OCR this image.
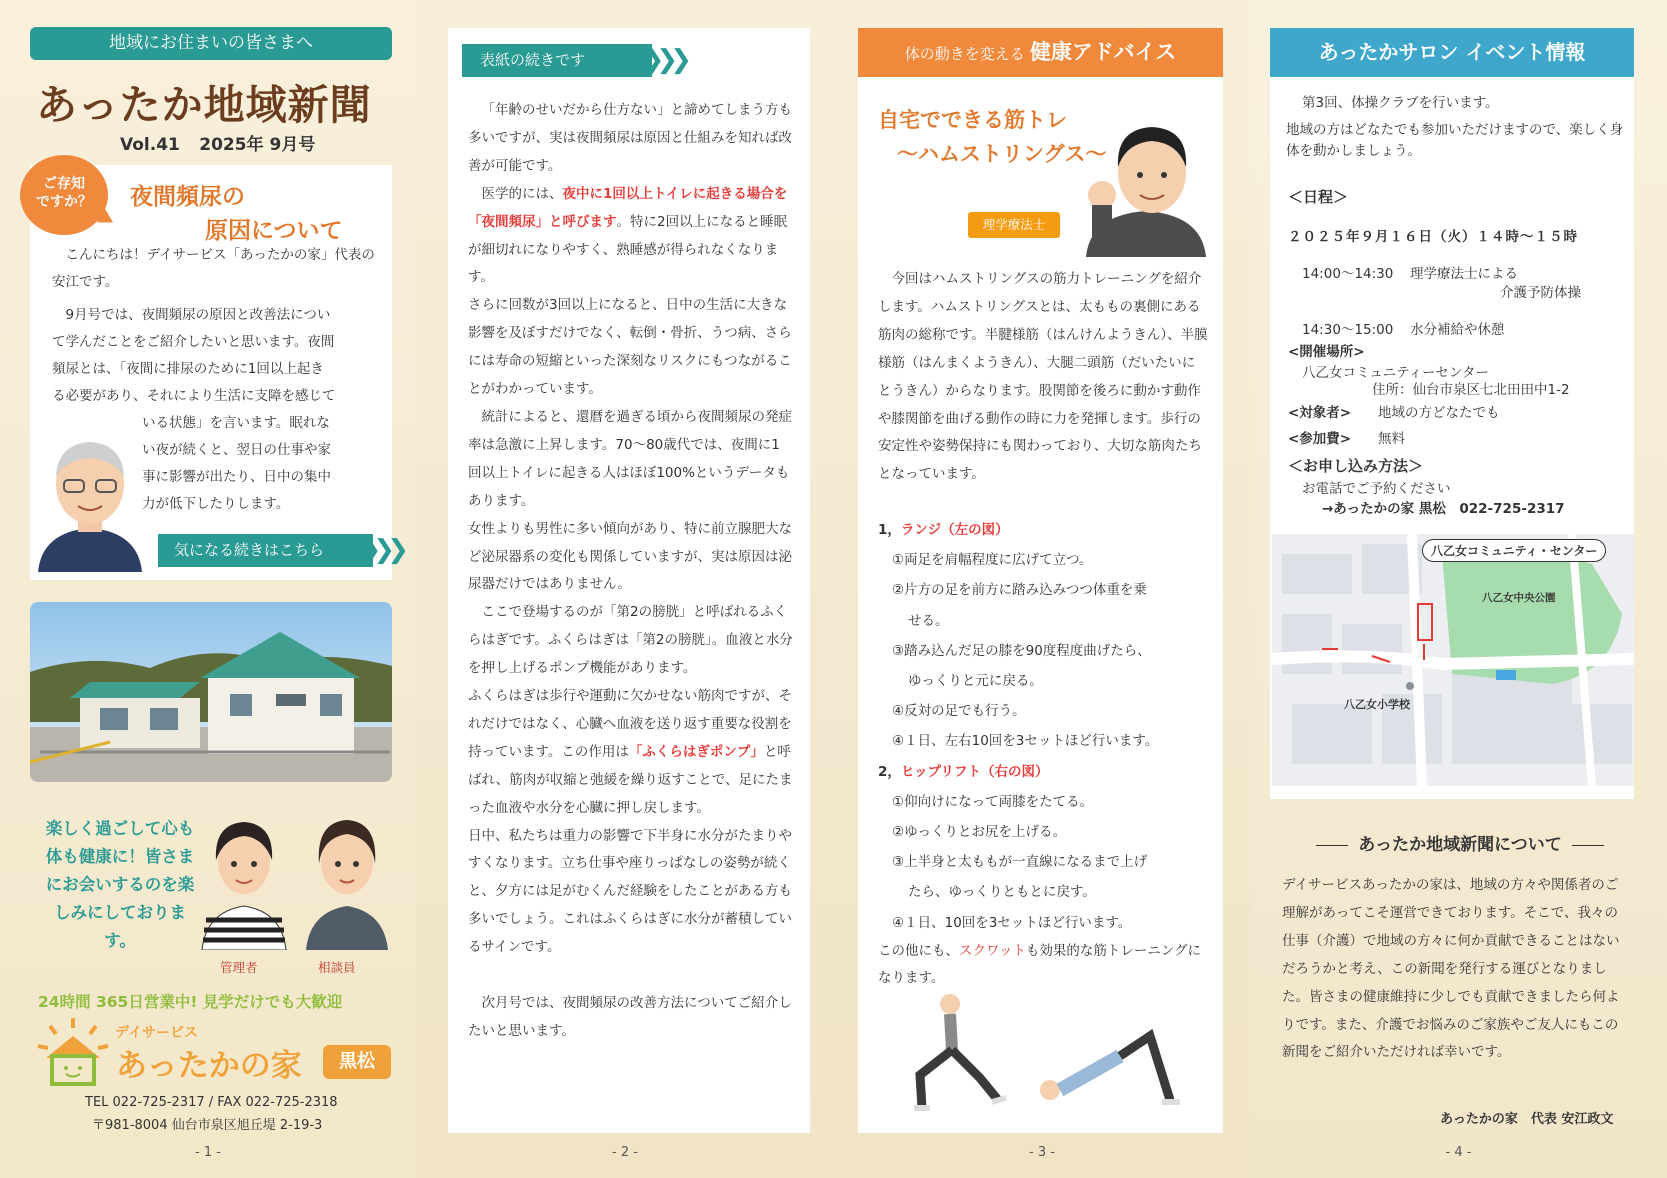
- 1 -
地域にお住まいの皆さまへ
あったか地域新聞
Vol.41 2025年 9月号
ご存知
ですか？	夜間頻尿の
原因について
　こんにちは！デイサービス「あったかの家」代表の安江です。
　9月号では、夜間頻尿の原因と改善法につい
て学んだことをご紹介したいと思います。夜間
頻尿とは、「夜間に排尿のために1回以上起き
る必要があり、それにより生活に支障を感じて
いる状態」を言います。眠れな
い夜が続くと、翌日の仕事や家
事に影響が出たり、日中の集中
力が低下したりします。
気になる続きはこちら ❯❯❯
楽しく過ごして心も体も健康に！皆さまにお会いするのを楽しみにしております。
管理者	相談員
24時間 365日営業中! 見学だけでも大歓迎
デイサービス
あったかの家	黒松
TEL 022-725-2317 / FAX 022-725-2318
〒981-8004 仙台市泉区旭丘堤 2-19-3
- 2 -
表紙の続きです ❯❯❯

「年齢のせいだから仕方ない」と諦めてしまう方も多いですが、実は夜間頻尿は原因と仕組みを知れば改善が可能です。

医学的には、夜中に1回以上トイレに起きる場合を「夜間頻尿」と呼びます。特に2回以上になると睡眠が細切れになりやすく、熟睡感が得られなくなります。

さらに回数が3回以上になると、日中の生活に大きな影響を及ぼすだけでなく、転倒・骨折、うつ病、さらには寿命の短縮といった深刻なリスクにもつながることがわかっています。

統計によると、還暦を過ぎる頃から夜間頻尿の発症率は急激に上昇します。70〜80歳代では、夜間に1回以上トイレに起きる人はほぼ100%というデータもあります。

女性よりも男性に多い傾向があり、特に前立腺肥大など泌尿器系の変化も関係していますが、実は原因は泌尿器だけではありません。

ここで登場するのが「第2の膀胱」と呼ばれるふくらはぎです。ふくらはぎは「第2の膀胱」。血液と水分を押し上げるポンプ機能があります。

ふくらはぎは歩行や運動に欠かせない筋肉ですが、それだけではなく、心臓へ血液を送り返す重要な役割を持っています。この作用は「ふくらはぎポンプ」と呼ばれ、筋肉が収縮と弛緩を繰り返すことで、足にたまった血液や水分を心臓に押し戻します。

日中、私たちは重力の影響で下半身に水分がたまりやすくなります。立ち仕事や座りっぱなしの姿勢が続くと、夕方には足がむくんだ経験をしたことがある方も多いでしょう。これはふくらはぎに水分が蓄積しているサインです。

次月号では、夜間頻尿の改善方法についてご紹介したいと思います。

- 3 -
体の動きを変える 健康アドバイス
自宅でできる筋トレ
〜ハムストリングス〜
理学療法士
今回はハムストリングスの筋力トレーニングを紹介します。ハムストリングスとは、太ももの裏側にある筋肉の総称です。半腱様筋（はんけんようきん）、半膜様筋（はんまくようきん）、大腿二頭筋（だいたいにとうきん）からなります。股関節を後ろに動かす動作や膝関節を曲げる動作の時に力を発揮します。歩行の安定性や姿勢保持にも関わっており、大切な筋肉たちとなっています。
1，ランジ（左の図）
①両足を肩幅程度に広げて立つ。
②片方の足を前方に踏み込みつつ体重を乗
せる。
③踏み込んだ足の膝を90度程度曲げたら、
ゆっくりと元に戻る。
④反対の足でも行う。
④１日、左右10回を3セットほど行います。
2，ヒップリフト（右の図）
①仰向けになって両膝をたてる。
②ゆっくりとお尻を上げる。
③上半身と太ももが一直線になるまで上げ
たら、ゆっくりともとに戻す。
④１日、10回を3セットほど行います。
この他にも、スクワットも効果的な筋トレーニングになります。
- 4 -
あったかサロン イベント情報
第3回、体操クラブを行います。
地域の方はどなたでも参加いただけますので、楽しく身体を動かしましょう。
＜日程＞
２０２５年９月１６日（火）１４時〜１５時
14:00〜14:30 理学療法士による
介護予防体操
14:30〜15:00 水分補給や休憩
<開催場所>
八乙女コミュニティーセンター
住所：仙台市泉区七北田田中1-2
<対象者> 地域の方どなたでも
<参加費> 無料
＜お申し込み方法＞
お電話でご予約ください
→あったかの家 黒松　022-725-2317
八乙女コミュニティ・センター
八乙女中央公園
八乙女小学校
あったか地域新聞について
デイサービスあったかの家は、地域の方々や関係者のご理解があってこそ運営できております。そこで、我々の仕事（介護）で地域の方々に何か貢献できることはないだろうかと考え、この新聞を発行する運びとなりました。皆さまの健康維持に少しでも貢献できましたら何よりです。また、介護でお悩みのご家族やご友人にもこの新聞をご紹介いただければ幸いです。
あったかの家　代表 安江政文
